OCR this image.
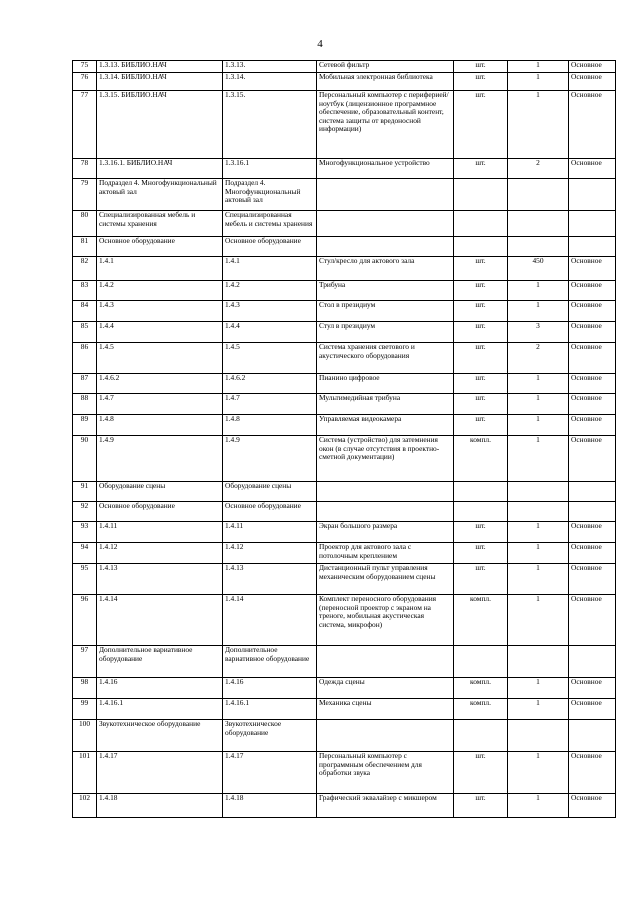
4
75	1.3.13. БИБЛИО.НАЧ	1.3.13.	Сетевой фильтр	шт.	1	Основное
76	1.3.14. БИБЛИО.НАЧ	1.3.14.	Мобильная электронная библиотека	шт.	1	Основное
77	1.3.15. БИБЛИО.НАЧ	1.3.15.	Персональный компьютер с периферией/ноутбук (лицензионное программное обеспечение, образовательный контент, система защиты от вредоносной информации)	шт.	1	Основное
78	1.3.16.1. БИБЛИО.НАЧ	1.3.16.1	Многофункциональное устройство	шт.	2	Основное
79	Подраздел 4. Многофункциональный актовый зал	Подраздел 4. Многофункциональный актовый зал				
80	Специализированная мебель и системы хранения	Специализированная мебель и системы хранения				
81	Основное оборудование	Основное оборудование				
82	1.4.1	1.4.1	Стул/кресло для актового зала	шт.	450	Основное
83	1.4.2	1.4.2	Трибуна	шт.	1	Основное
84	1.4.3	1.4.3	Стол в президиум	шт.	1	Основное
85	1.4.4	1.4.4	Стул в президиум	шт.	3	Основное
86	1.4.5	1.4.5	Система хранения светового и акустического оборудования	шт.	2	Основное
87	1.4.6.2	1.4.6.2	Пианино цифровое	шт.	1	Основное
88	1.4.7	1.4.7	Мультимедийная трибуна	шт.	1	Основное
89	1.4.8	1.4.8	Управляемая видеокамера	шт.	1	Основное
90	1.4.9	1.4.9	Система (устройство) для затемнения окон (в случае отсутствия в проектно-сметной документации)	компл.	1	Основное
91	Оборудование сцены	Оборудование сцены				
92	Основное оборудование	Основное оборудование				
93	1.4.11	1.4.11	Экран большого размера	шт.	1	Основное
94	1.4.12	1.4.12	Проектор для актового зала с потолочным креплением	шт.	1	Основное
95	1.4.13	1.4.13	Дистанционный пульт управления механическим оборудованием сцены	шт.	1	Основное
96	1.4.14	1.4.14	Комплект переносного оборудования (переносной проектор с экраном на треноге, мобильная акустическая система, микрофон)	компл.	1	Основное
97	Дополнительное вариативное оборудование	Дополнительное вариативное оборудование				
98	1.4.16	1.4.16	Одежда сцены	компл.	1	Основное
99	1.4.16.1	1.4.16.1	Механика сцены	компл.	1	Основное
100	Звукотехническое оборудование	Звукотехническое оборудование				
101	1.4.17	1.4.17	Персональный компьютер с программным обеспечением для обработки звука	шт.	1	Основное
102	1.4.18	1.4.18	Графический эквалайзер с микшером	шт.	1	Основное
